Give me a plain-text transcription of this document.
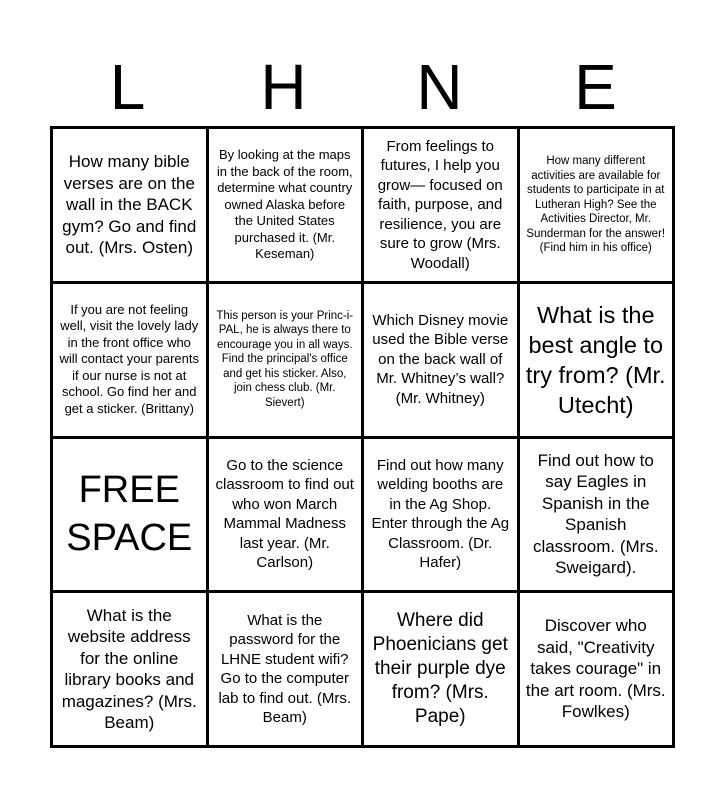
L	H	N	E
How many bible verses are on the wall in the BACK gym? Go and find out. (Mrs. Osten)
By looking at the maps in the back of the room, determine what country owned Alaska before the United States purchased it. (Mr. Keseman)
From feelings to futures, I help you grow— focused on faith, purpose, and resilience, you are sure to grow (Mrs. Woodall)
How many different activities are available for students to participate in at Lutheran High? See the Activities Director, Mr. Sunderman for the answer! (Find him in his office)
If you are not feeling well, visit the lovely lady in the front office who will contact your parents if our nurse is not at school. Go find her and get a sticker. (Brittany)
This person is your Princ-i-PAL, he is always there to encourage you in all ways. Find the principal's office and get his sticker. Also, join chess club. (Mr. Sievert)
Which Disney movie used the Bible verse on the back wall of Mr. Whitney’s wall? (Mr. Whitney)
What is the best angle to try from? (Mr. Utecht)
FREE SPACE
Go to the science classroom to find out who won March Mammal Madness last year. (Mr. Carlson)
Find out how many welding booths are in the Ag Shop. Enter through the Ag Classroom. (Dr. Hafer)
Find out how to say Eagles in Spanish in the Spanish classroom. (Mrs. Sweigard).
What is the website address for the online library books and magazines? (Mrs. Beam)
What is the password for the LHNE student wifi? Go to the computer lab to find out. (Mrs. Beam)
Where did Phoenicians get their purple dye from? (Mrs. Pape)
Discover who said, "Creativity takes courage" in the art room. (Mrs. Fowlkes)
